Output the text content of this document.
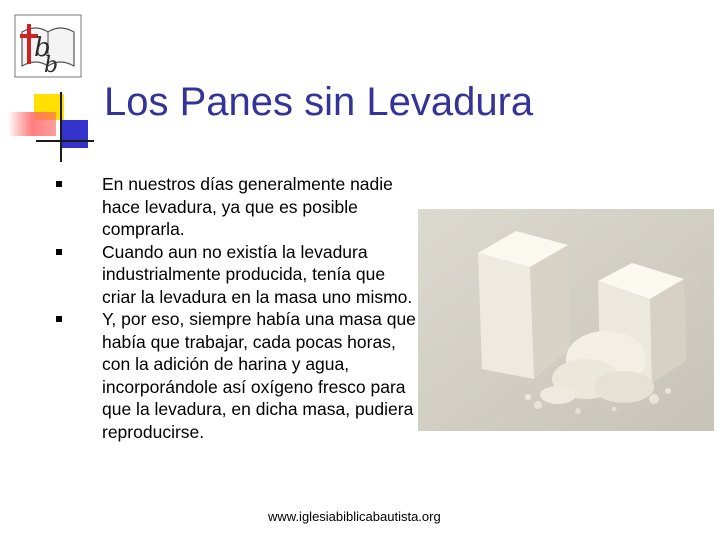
b
b
Los Panes sin Levadura
En nuestros días generalmente nadie hace levadura, ya que es posible comprarla.
Cuando aun no existía la levadura industrialmente producida, tenía que criar la levadura en la masa uno mismo.
Y, por eso, siempre había una masa que había que trabajar, cada pocas horas, con la adición de harina y agua, incorporándole así oxígeno fresco para que la levadura, en dicha masa, pudiera reproducirse.
www.iglesiabiblicabautista.org
